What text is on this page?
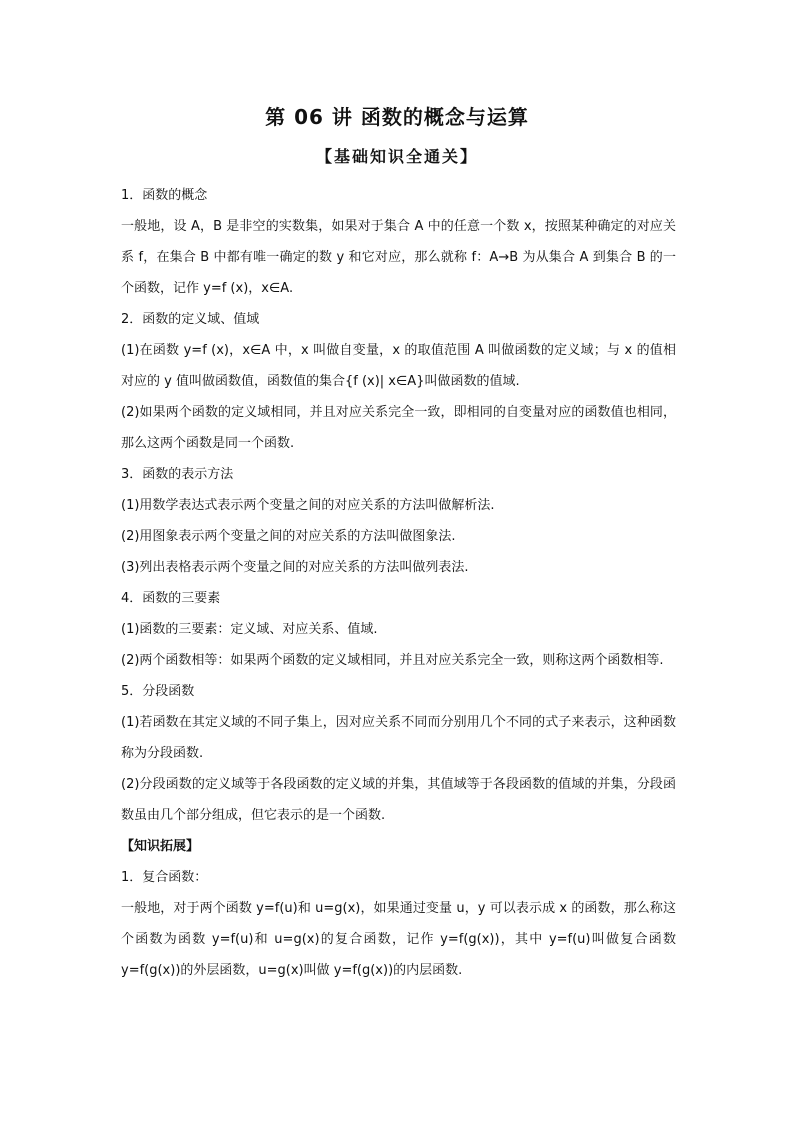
第 06 讲 函数的概念与运算
【基础知识全通关】

1．函数的概念

一般地，设 A，B 是非空的实数集，如果对于集合 A 中的任意一个数 x，按照某种确定的对应关系 f，在集合 B 中都有唯一确定的数 y 和它对应，那么就称 f：A→B 为从集合 A 到集合 B 的一个函数，记作 y=f (x)，x∈A.

2．函数的定义域、值域

(1)在函数 y=f (x)，x∈A 中，x 叫做自变量，x 的取值范围 A 叫做函数的定义域；与 x 的值相对应的 y 值叫做函数值，函数值的集合{f (x)| x∈A}叫做函数的值域.

(2)如果两个函数的定义域相同，并且对应关系完全一致，即相同的自变量对应的函数值也相同，那么这两个函数是同一个函数.

3．函数的表示方法

(1)用数学表达式表示两个变量之间的对应关系的方法叫做解析法.

(2)用图象表示两个变量之间的对应关系的方法叫做图象法.

(3)列出表格表示两个变量之间的对应关系的方法叫做列表法.

4．函数的三要素

(1)函数的三要素：定义域、对应关系、值域.

(2)两个函数相等：如果两个函数的定义域相同，并且对应关系完全一致，则称这两个函数相等.

5．分段函数

(1)若函数在其定义域的不同子集上，因对应关系不同而分别用几个不同的式子来表示，这种函数称为分段函数.

(2)分段函数的定义域等于各段函数的定义域的并集，其值域等于各段函数的值域的并集，分段函数虽由几个部分组成，但它表示的是一个函数.

【知识拓展】

1．复合函数：

一般地，对于两个函数 y=f(u)和 u=g(x)，如果通过变量 u，y 可以表示成 x 的函数，那么称这个函数为函数 y=f(u)和 u=g(x)的复合函数，记作 y=f(g(x))，其中 y=f(u)叫做复合函数 y=f(g(x))的外层函数，u=g(x)叫做 y=f(g(x))的内层函数.
